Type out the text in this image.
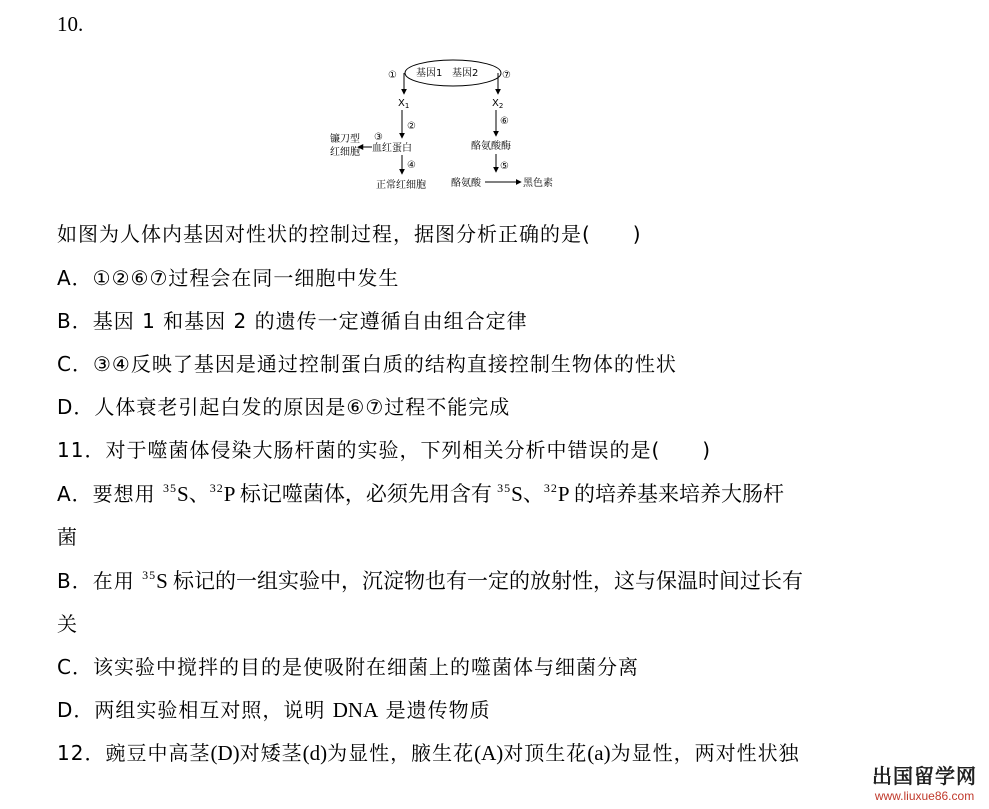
10.
基因1 基因2
①
$X_1$
②
血红蛋白
③
镰刀型
红细胞
④
正常红细胞
⑦
$X_2$
⑥
酪氨酸酶
⑤
酪氨酸	黑色素
如图为人体内基因对性状的控制过程，据图分析正确的是(　　)
A．①②⑥⑦过程会在同一细胞中发生
B．基因 1 和基因 2 的遗传一定遵循自由组合定律
C．③④反映了基因是通过控制蛋白质的结构直接控制生物体的性状
D．人体衰老引起白发的原因是⑥⑦过程不能完成
11．对于噬菌体侵染大肠杆菌的实验，下列相关分析中错误的是(　　)
A．要想用 $^{35}$S、$^{32}$P 标记噬菌体，必须先用含有 $^{35}$S、$^{32}$P 的培养基来培养大肠杆
菌
B．在用 $^{35}$S 标记的一组实验中，沉淀物也有一定的放射性，这与保温时间过长有
关
C．该实验中搅拌的目的是使吸附在细菌上的噬菌体与细菌分离
D．两组实验相互对照，说明 DNA 是遗传物质
12．豌豆中高茎(D)对矮茎(d)为显性，腋生花(A)对顶生花(a)为显性，两对性状独
出国留学网
www.liuxue86.com
